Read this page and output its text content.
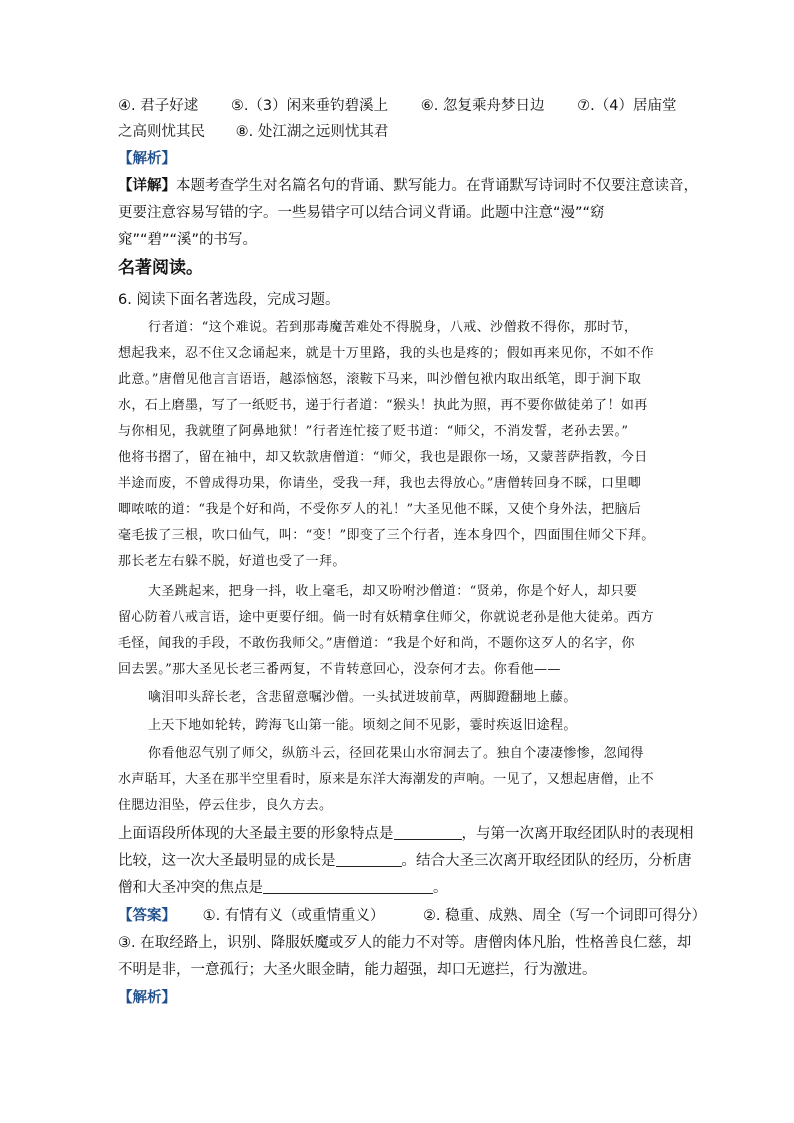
④. 君子好逑 ⑤.（3）闲来垂钓碧溪上 ⑥. 忽复乘舟梦日边 ⑦.（4）居庙堂
之高则忧其民 ⑧. 处江湖之远则忧其君
【解析】
【详解】本题考查学生对名篇名句的背诵、默写能力。在背诵默写诗词时不仅要注意读音，
更要注意容易写错的字。一些易错字可以结合词义背诵。此题中注意“漫”“窈
窕”“碧”“溪”的书写。
名著阅读。
6. 阅读下面名著选段，完成习题。
行者道：“这个难说。若到那毒魔苦难处不得脱身，八戒、沙僧救不得你，那时节，
想起我来，忍不住又念诵起来，就是十万里路，我的头也是疼的；假如再来见你，不如不作
此意。”唐僧见他言言语语，越添恼怒，滚鞍下马来，叫沙僧包袱内取出纸笔，即于涧下取
水，石上磨墨，写了一纸贬书，递于行者道：“猴头！执此为照，再不要你做徒弟了！如再
与你相见，我就堕了阿鼻地狱！”行者连忙接了贬书道：“师父，不消发誓，老孙去罢。”
他将书摺了，留在袖中，却又软款唐僧道：“师父，我也是跟你一场，又蒙菩萨指教，今日
半途而废，不曾成得功果，你请坐，受我一拜，我也去得放心。”唐僧转回身不睬，口里唧
唧哝哝的道：“我是个好和尚，不受你歹人的礼！”大圣见他不睬，又使个身外法，把脑后
毫毛拔了三根，吹口仙气，叫：“变！”即变了三个行者，连本身四个，四面围住师父下拜。
那长老左右躲不脱，好道也受了一拜。
大圣跳起来，把身一抖，收上毫毛，却又吩咐沙僧道：“贤弟，你是个好人，却只要
留心防着八戒言语，途中更要仔细。倘一时有妖精拿住师父，你就说老孙是他大徒弟。西方
毛怪，闻我的手段，不敢伤我师父。”唐僧道：“我是个好和尚，不题你这歹人的名字，你
回去罢。”那大圣见长老三番两复，不肯转意回心，没奈何才去。你看他——
噙泪叩头辞长老，含悲留意嘱沙僧。一头拭迸坡前草，两脚蹬翻地上藤。
上天下地如轮转，跨海飞山第一能。顷刻之间不见影，霎时疾返旧途程。
你看他忍气别了师父，纵筋斗云，径回花果山水帘洞去了。独自个凄凄惨惨，忽闻得
水声聒耳，大圣在那半空里看时，原来是东洋大海潮发的声响。一见了，又想起唐僧，止不
住腮边泪坠，停云住步，良久方去。
上面语段所体现的大圣最主要的形象特点是	，与第一次离开取经团队时的表现相
比较，这一次大圣最明显的成长是	。结合大圣三次离开取经团队的经历，分析唐
僧和大圣冲突的焦点是	。
【答案】 ①. 有情有义（或重情重义）	②. 稳重、成熟、周全（写一个词即可得分）
③. 在取经路上，识别、降服妖魔或歹人的能力不对等。唐僧肉体凡胎，性格善良仁慈，却
不明是非，一意孤行；大圣火眼金睛，能力超强，却口无遮拦，行为激进。
【解析】
